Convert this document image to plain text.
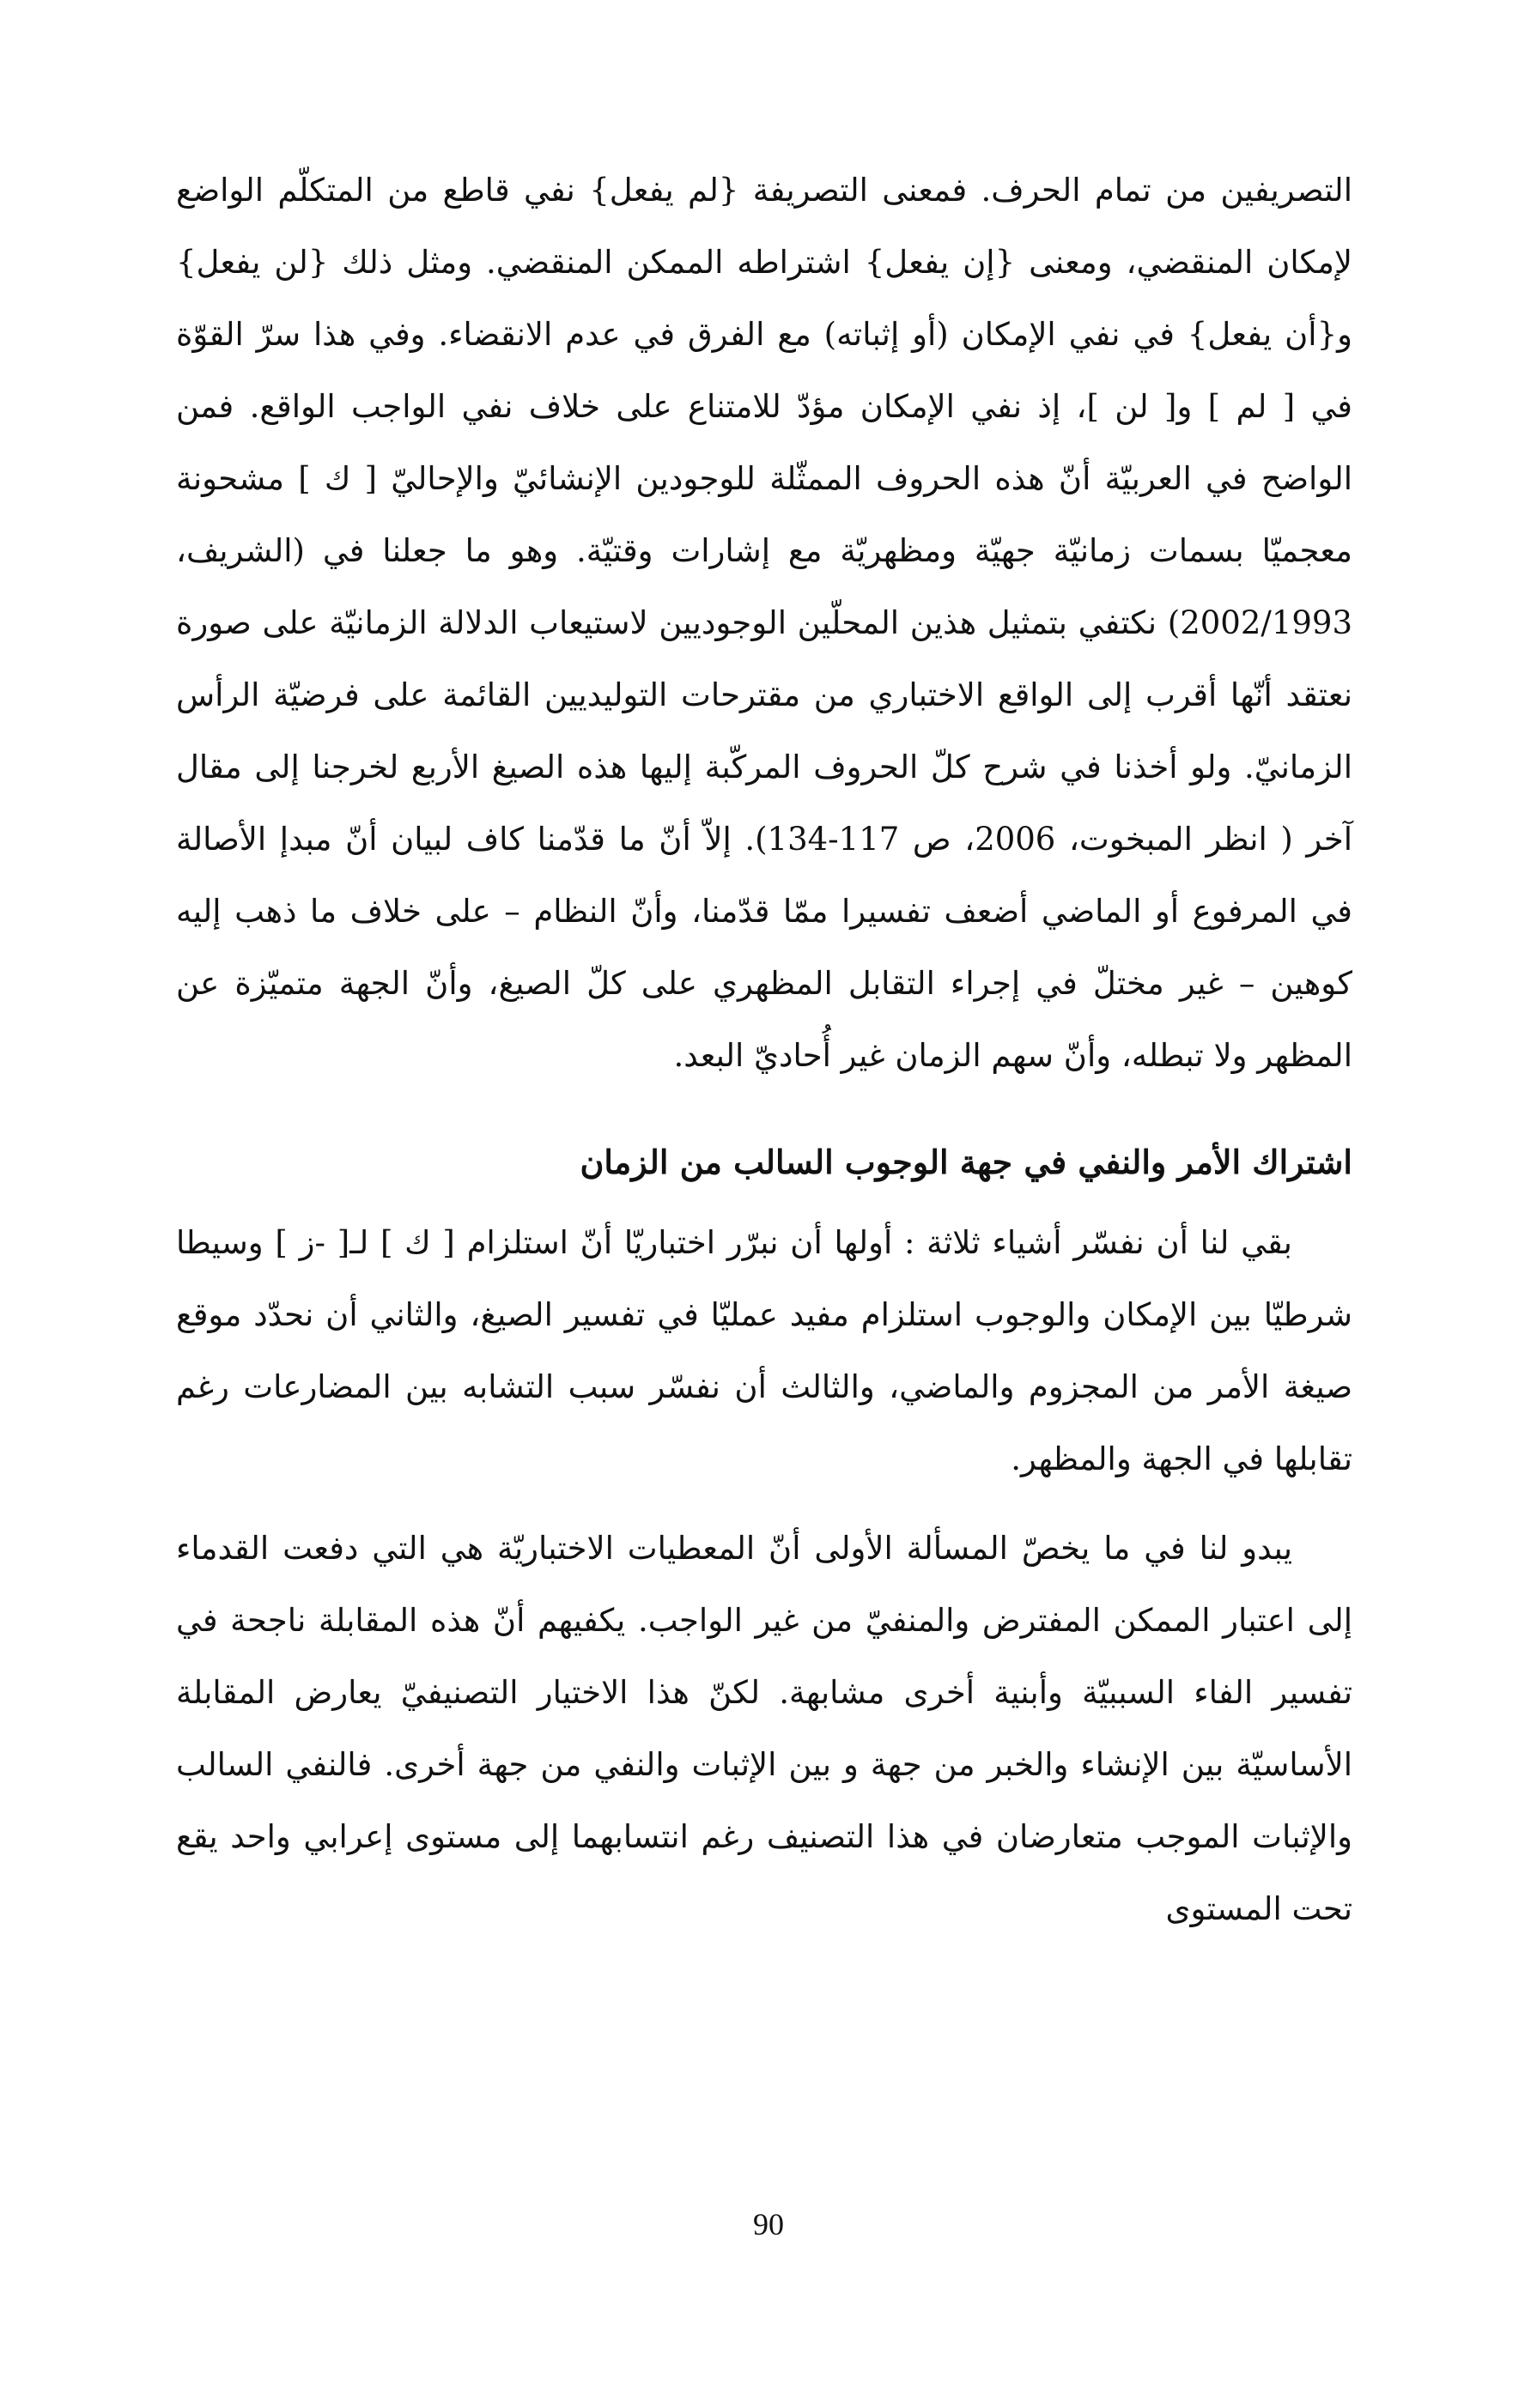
التصريفين من تمام الحرف. فمعنى التصريفة {لم يفعل} نفي قاطع من المتكلّم الواضع لإمكان المنقضي، ومعنى {إن يفعل} اشتراطه الممكن المنقضي. ومثل ذلك {لن يفعل} و{أن يفعل} في نفي الإمكان (أو إثباته) مع الفرق في عدم الانقضاء. وفي هذا سرّ القوّة في [ لم ] و[ لن ]، إذ نفي الإمكان مؤدّ للامتناع على خلاف نفي الواجب الواقع. فمن الواضح في العربيّة أنّ هذه الحروف الممثّلة للوجودين الإنشائيّ والإحاليّ [ ك ] مشحونة معجميّا بسمات زمانيّة جهيّة ومظهريّة مع إشارات وقتيّة. وهو ما جعلنا في (الشريف، 2002/1993) نكتفي بتمثيل هذين المحلّين الوجوديين لاستيعاب الدلالة الزمانيّة على صورة نعتقد أنّها أقرب إلى الواقع الاختباري من مقترحات التوليديين القائمة على فرضيّة الرأس الزمانيّ. ولو أخذنا في شرح كلّ الحروف المركّبة إليها هذه الصيغ الأربع لخرجنا إلى مقال آخر ( انظر المبخوت، 2006، ص 117-134). إلاّ أنّ ما قدّمنا كاف لبيان أنّ مبدإ الأصالة في المرفوع أو الماضي أضعف تفسيرا ممّا قدّمنا، وأنّ النظام – على خلاف ما ذهب إليه كوهين – غير مختلّ في إجراء التقابل المظهري على كلّ الصيغ، وأنّ الجهة متميّزة عن المظهر ولا تبطله، وأنّ سهم الزمان غير أُحاديّ البعد.

اشتراك الأمر والنفي في جهة الوجوب السالب من الزمان

بقي لنا أن نفسّر أشياء ثلاثة : أولها أن نبرّر اختباريّا أنّ استلزام [ ك ] لـ[ -ز ] وسيطا شرطيّا بين الإمكان والوجوب استلزام مفيد عمليّا في تفسير الصيغ، والثاني أن نحدّد موقع صيغة الأمر من المجزوم والماضي، والثالث أن نفسّر سبب التشابه بين المضارعات رغم تقابلها في الجهة والمظهر.

يبدو لنا في ما يخصّ المسألة الأولى أنّ المعطيات الاختباريّة هي التي دفعت القدماء إلى اعتبار الممكن المفترض والمنفيّ من غير الواجب. يكفيهم أنّ هذه المقابلة ناجحة في تفسير الفاء السببيّة وأبنية أخرى مشابهة. لكنّ هذا الاختيار التصنيفيّ يعارض المقابلة الأساسيّة بين الإنشاء والخبر من جهة و بين الإثبات والنفي من جهة أخرى. فالنفي السالب والإثبات الموجب متعارضان في هذا التصنيف رغم انتسابهما إلى مستوى إعرابي واحد يقع تحت المستوى

90
